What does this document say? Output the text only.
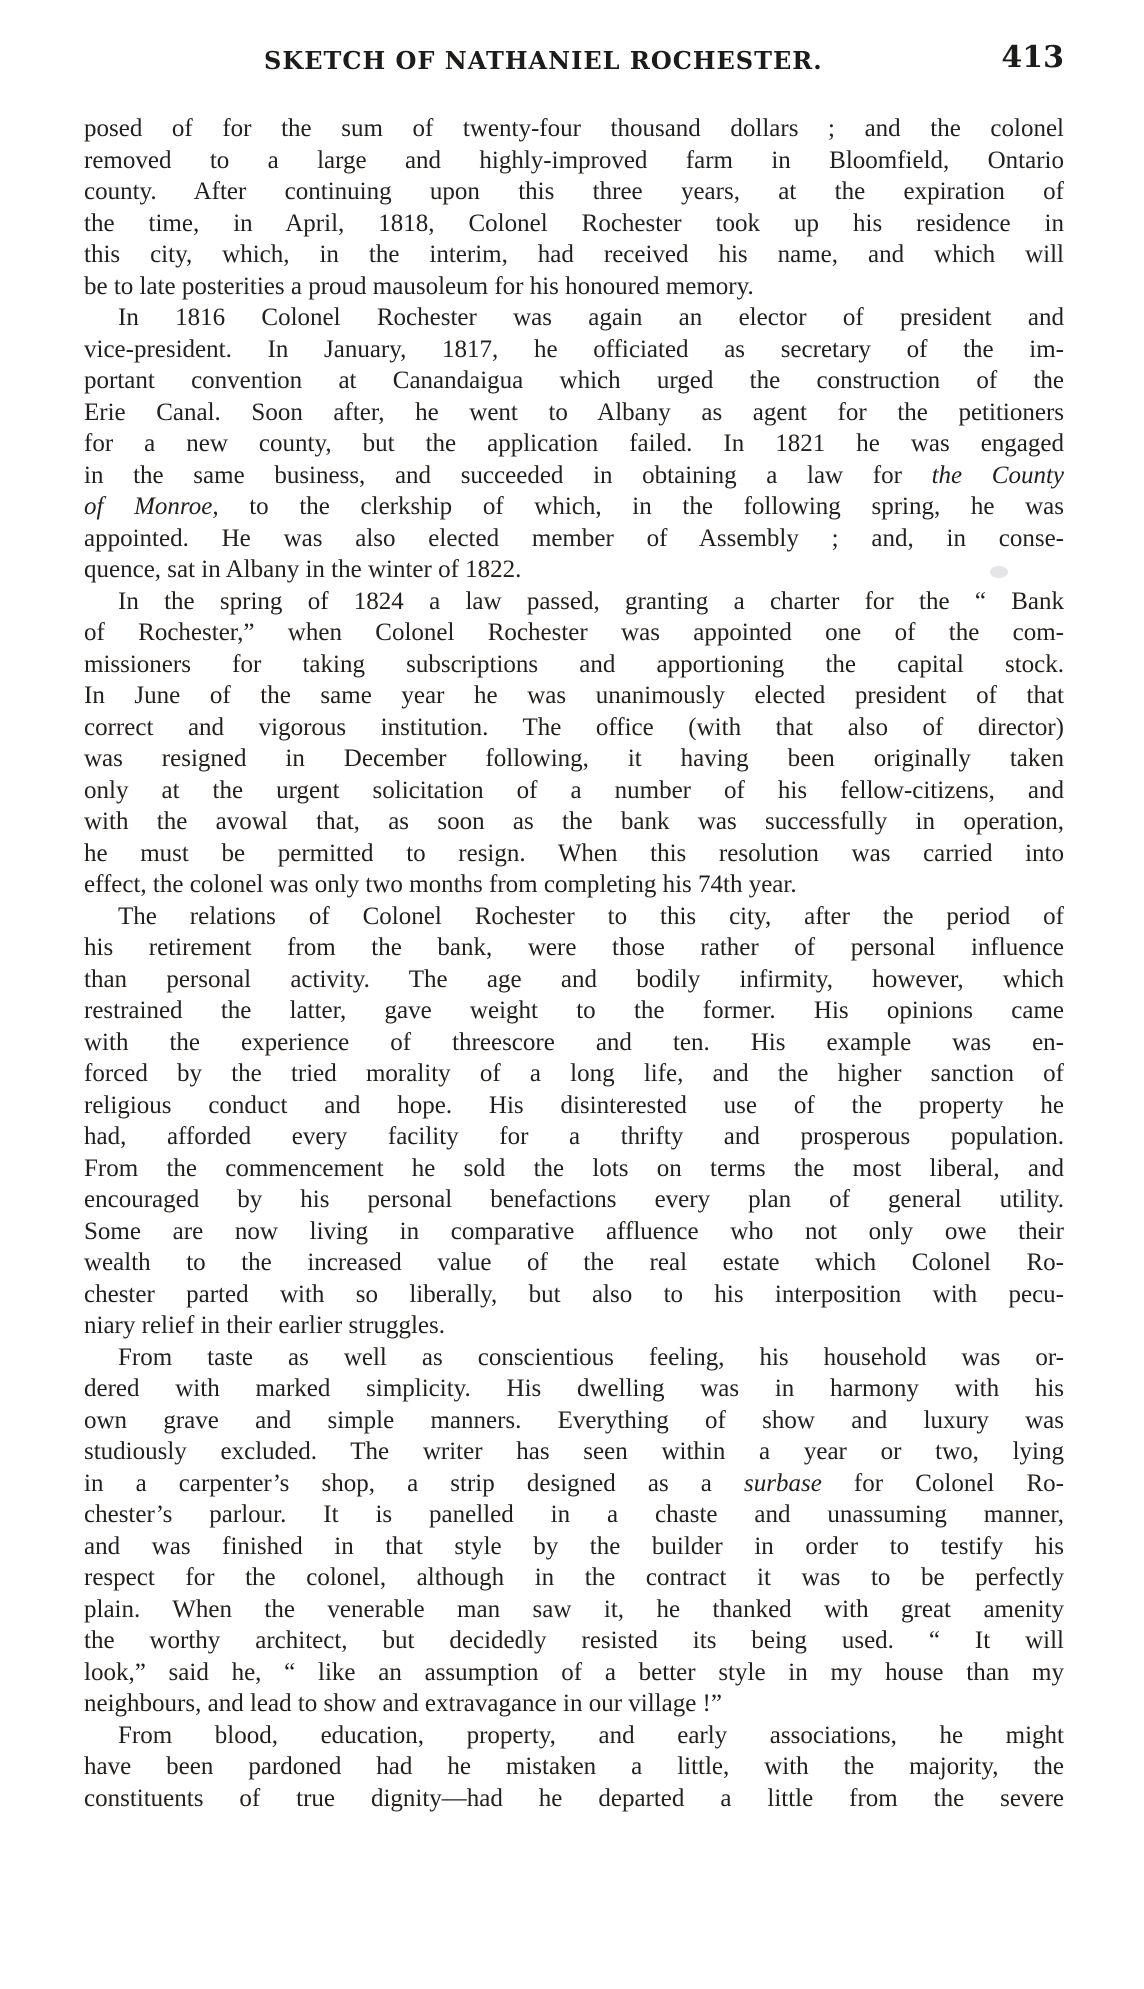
SKETCH OF NATHANIEL ROCHESTER.	413
posed of for the sum of twenty-four thousand dollars ; and the colonel
removed to a large and highly-improved farm in Bloomfield, Ontario
county. After continuing upon this three years, at the expiration of
the time, in April, 1818, Colonel Rochester took up his residence in
this city, which, in the interim, had received his name, and which will
be to late posterities a proud mausoleum for his honoured memory.
In 1816 Colonel Rochester was again an elector of president and
vice-president. In January, 1817, he officiated as secretary of the im-
portant convention at Canandaigua which urged the construction of the
Erie Canal. Soon after, he went to Albany as agent for the petitioners
for a new county, but the application failed. In 1821 he was engaged
in the same business, and succeeded in obtaining a law for the County
of Monroe, to the clerkship of which, in the following spring, he was
appointed. He was also elected member of Assembly ; and, in conse-
quence, sat in Albany in the winter of 1822.
In the spring of 1824 a law passed, granting a charter for the “ Bank
of Rochester,” when Colonel Rochester was appointed one of the com-
missioners for taking subscriptions and apportioning the capital stock.
In June of the same year he was unanimously elected president of that
correct and vigorous institution. The office (with that also of director)
was resigned in December following, it having been originally taken
only at the urgent solicitation of a number of his fellow-citizens, and
with the avowal that, as soon as the bank was successfully in operation,
he must be permitted to resign. When this resolution was carried into
effect, the colonel was only two months from completing his 74th year.
The relations of Colonel Rochester to this city, after the period of
his retirement from the bank, were those rather of personal influence
than personal activity. The age and bodily infirmity, however, which
restrained the latter, gave weight to the former. His opinions came
with the experience of threescore and ten. His example was en-
forced by the tried morality of a long life, and the higher sanction of
religious conduct and hope. His disinterested use of the property he
had, afforded every facility for a thrifty and prosperous population.
From the commencement he sold the lots on terms the most liberal, and
encouraged by his personal benefactions every plan of general utility.
Some are now living in comparative affluence who not only owe their
wealth to the increased value of the real estate which Colonel Ro-
chester parted with so liberally, but also to his interposition with pecu-
niary relief in their earlier struggles.
From taste as well as conscientious feeling, his household was or-
dered with marked simplicity. His dwelling was in harmony with his
own grave and simple manners. Everything of show and luxury was
studiously excluded. The writer has seen within a year or two, lying
in a carpenter’s shop, a strip designed as a surbase for Colonel Ro-
chester’s parlour. It is panelled in a chaste and unassuming manner,
and was finished in that style by the builder in order to testify his
respect for the colonel, although in the contract it was to be perfectly
plain. When the venerable man saw it, he thanked with great amenity
the worthy architect, but decidedly resisted its being used. “ It will
look,” said he, “ like an assumption of a better style in my house than my
neighbours, and lead to show and extravagance in our village !”
From blood, education, property, and early associations, he might
have been pardoned had he mistaken a little, with the majority, the
constituents of true dignity—had he departed a little from the severe
